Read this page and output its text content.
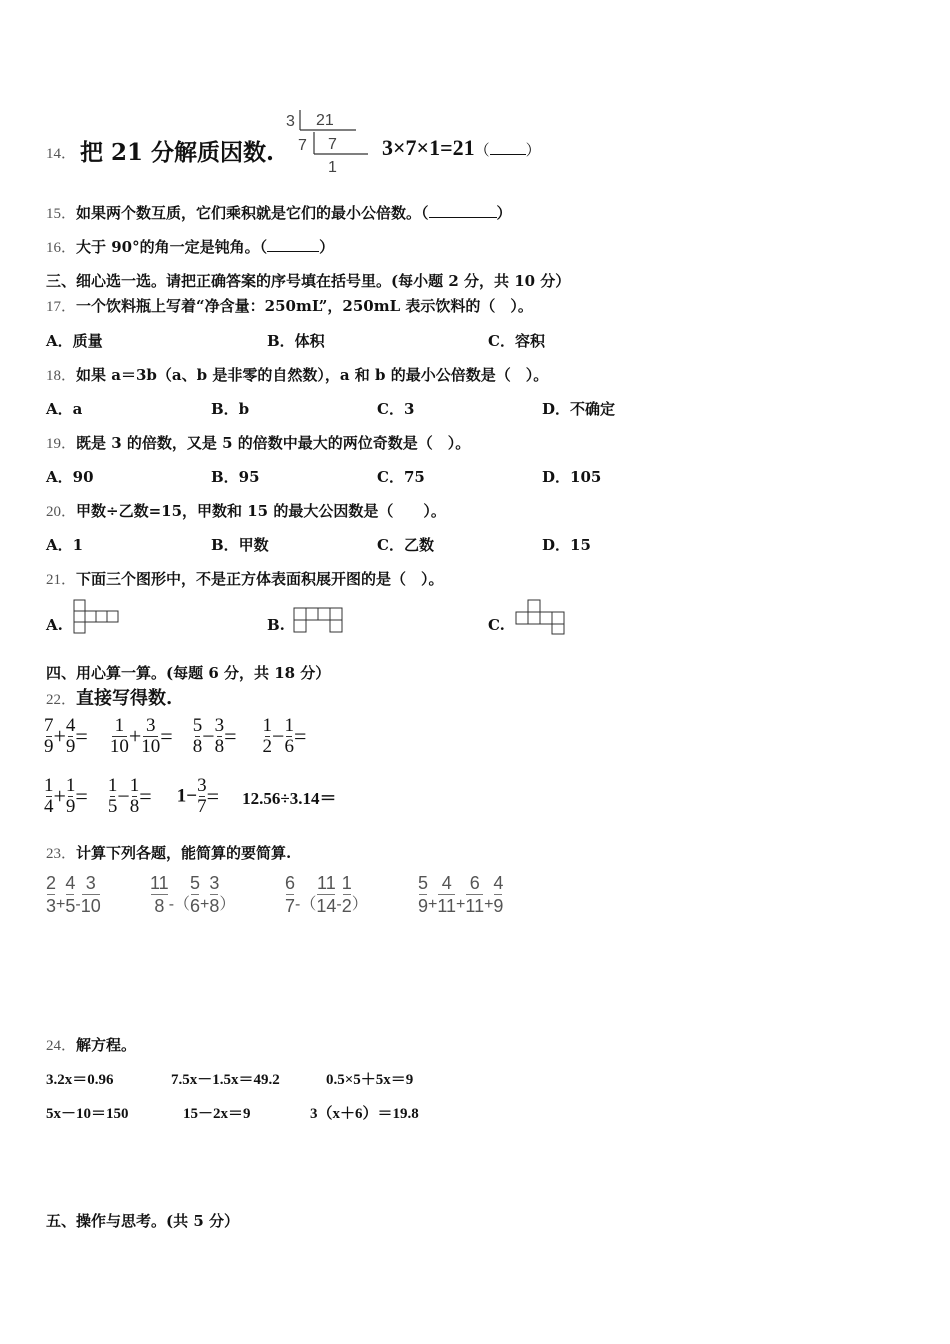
14． 把 21 分解质因数.
3 21
7 7
1
3×7×1=21（ ）
15．如果两个数互质，它们乘积就是它们的最小公倍数。（	）
16．大于 90°的角一定是钝角。（	）
三、细心选一选。请把正确答案的序号填在括号里。(每小题 2 分，共 10 分）
17．一个饮料瓶上写着“净含量：250mL”，250mL 表示饮料的（　）。
A．质量	B．体积	C．容积
18．如果 a＝3b（a、b 是非零的自然数），a 和 b 的最小公倍数是（　）。
A．a	B．b	C．3	D．不确定
19．既是 3 的倍数，又是 5 的倍数中最大的两位奇数是（　）。
A．90	B．95	C．75	D．105
20．甲数÷乙数=15，甲数和 15 的最大公因数是（　　）。
A．1	B．甲数	C．乙数	D．15
21．下面三个图形中，不是正方体表面积展开图的是（　）。
A.	B.	C.
四、用心算一算。(每题 6 分，共 18 分）
22．直接写得数.
$\frac{7}{9} + \frac{4}{9} = \frac{1}{10} + \frac{3}{10} = \frac{5}{8} - \frac{3}{8} = \frac{1}{2} - \frac{1}{6}$ =
$\frac{1}{4} + \frac{1}{9} = \frac{1}{5} - \frac{1}{8} = 1- \frac{3}{7} = 12.56\div 3.14=$
23．计算下列各题，能简算的要简算.
$\frac{2}{3} + \frac{4}{5} - \frac{3}{10}$	$\frac{11}{8}$ -（ $\frac{5}{6} + \frac{3}{8}$ ）	$\frac{6}{7}$ -（ $\frac{11}{14} - \frac{1}{2}$ ）	$\frac{5}{9} + \frac{4}{11} + \frac{6}{11} + \frac{4}{9}$
24．解方程。
3.2x＝0.96	7.5x－1.5x＝49.2	0.5×5＋5x＝9
5x－10＝150	15－2x＝9	3（x＋6）＝19.8
五、操作与思考。(共 5 分）
